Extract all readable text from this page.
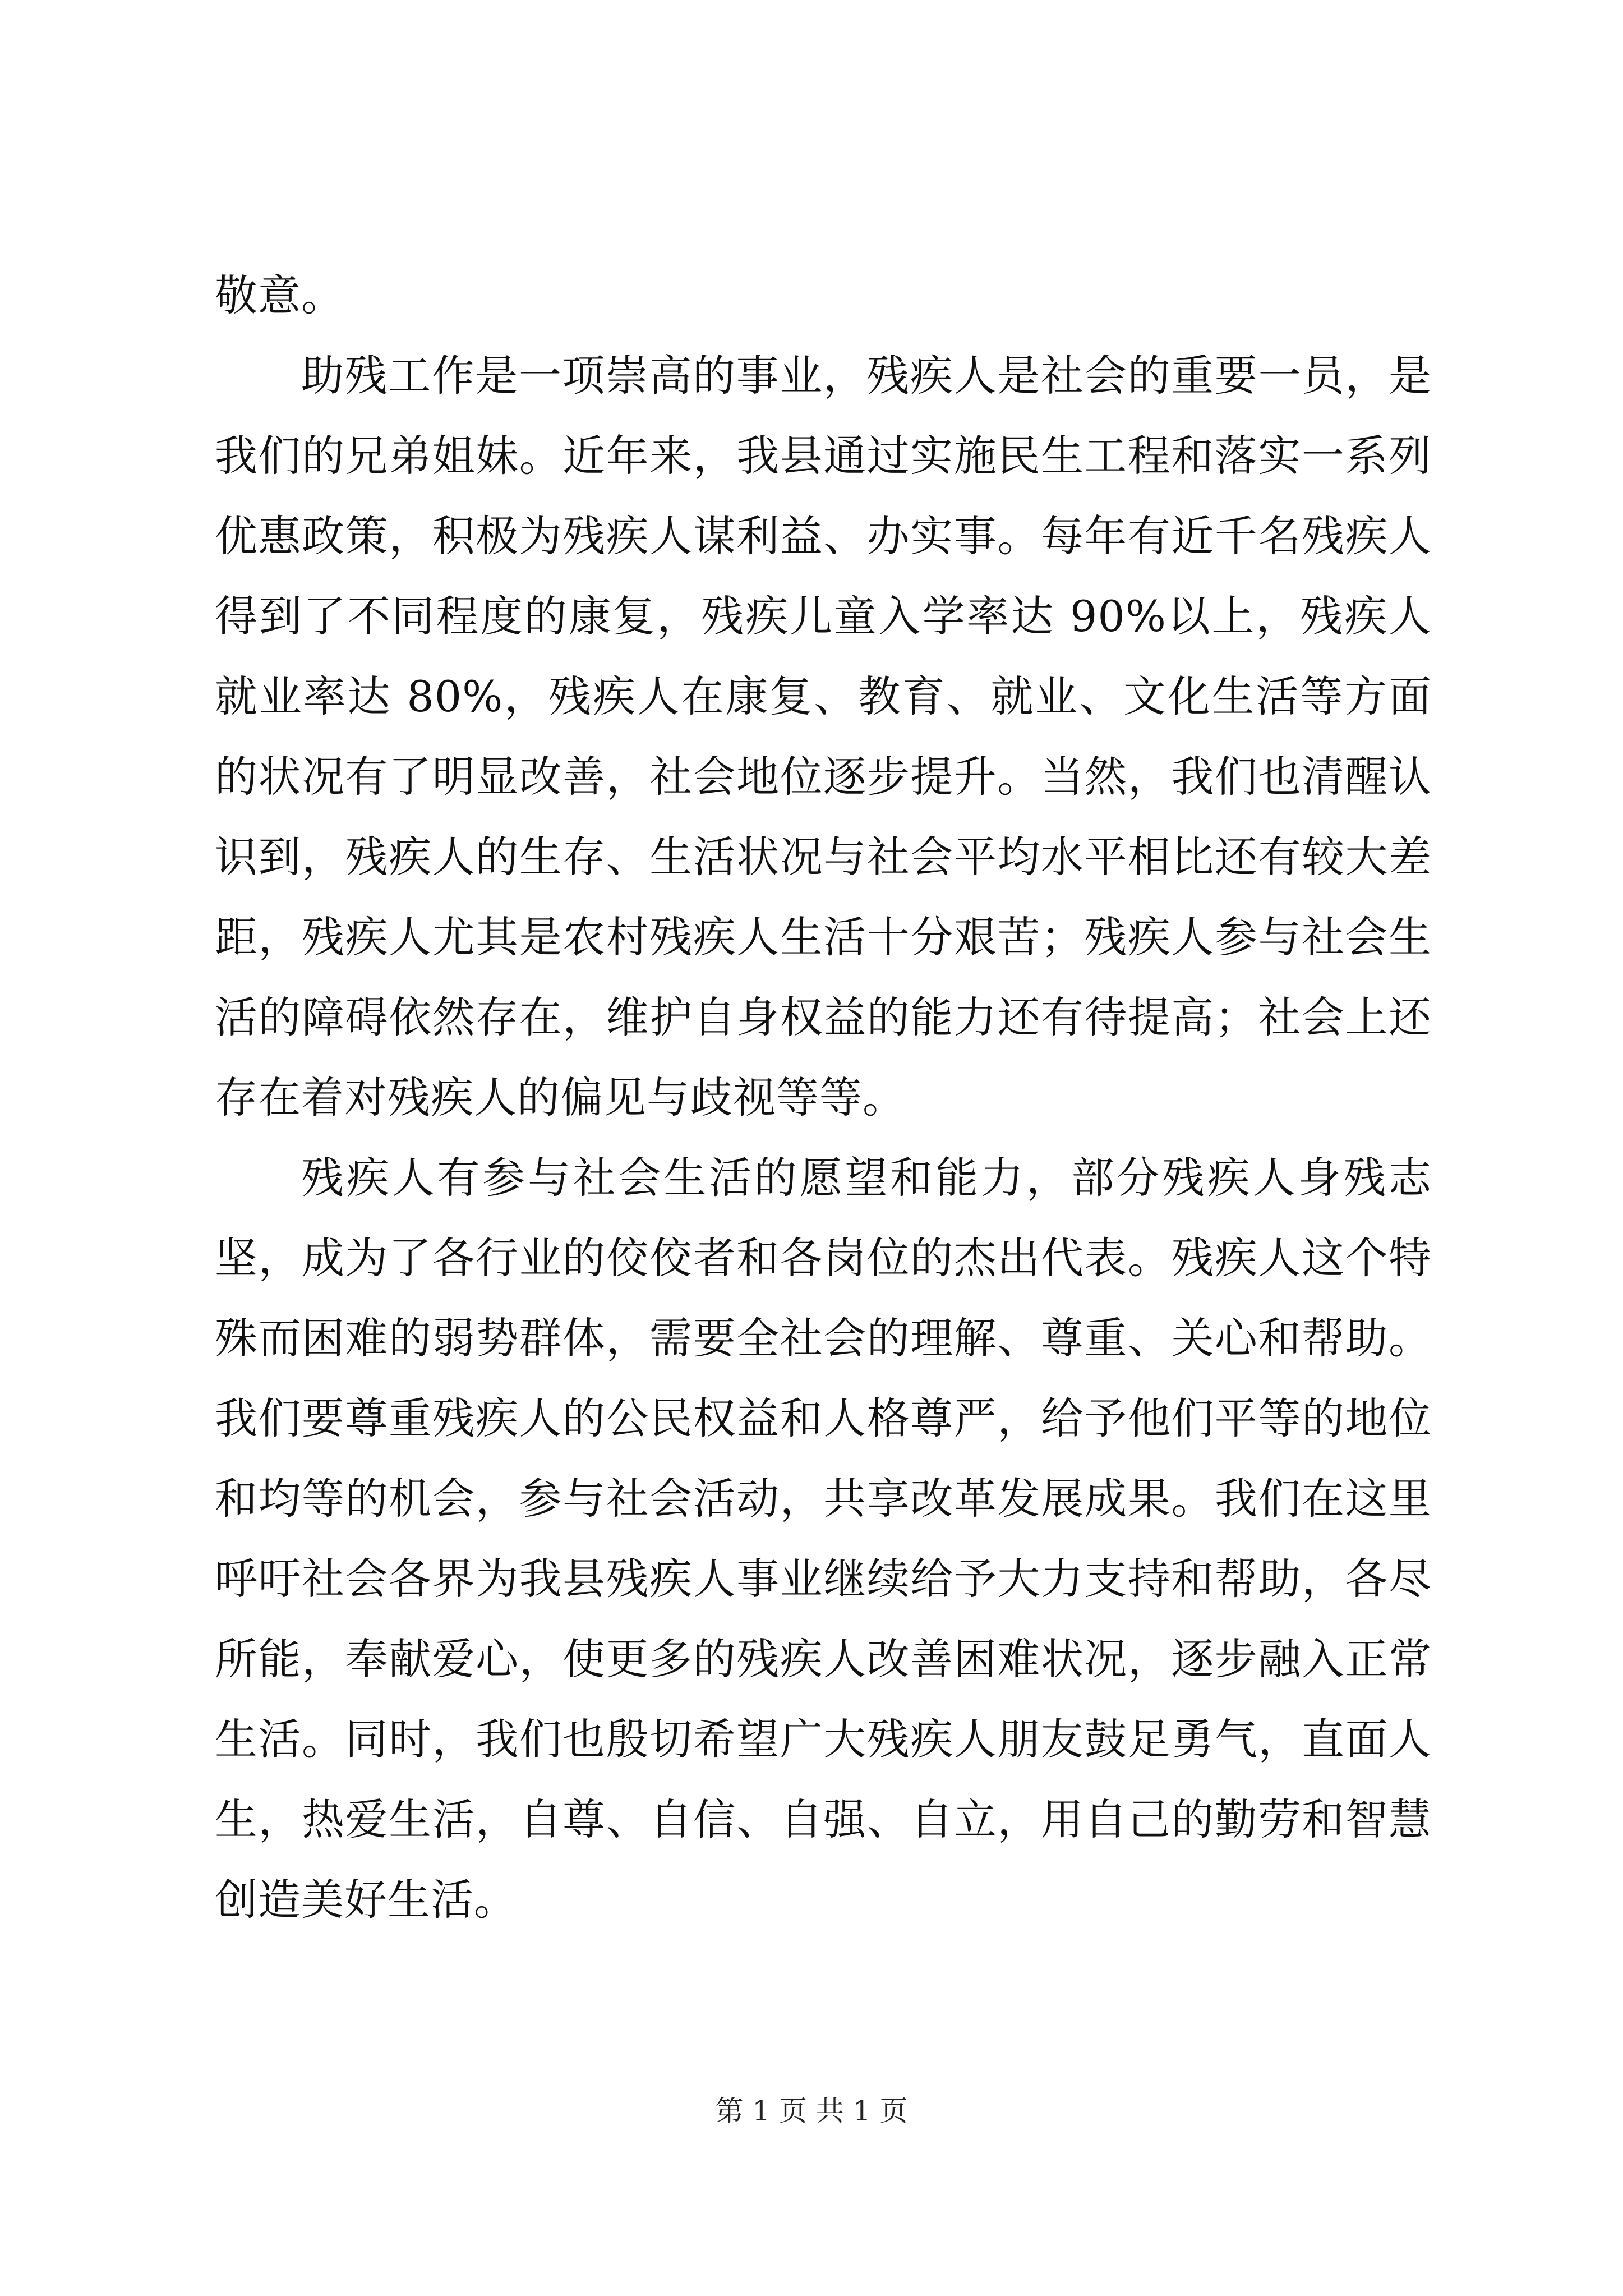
敬意。

助残工作是一项崇高的事业，残疾人是社会的重要一员，是我们的兄弟姐妹。近年来，我县通过实施民生工程和落实一系列优惠政策，积极为残疾人谋利益、办实事。每年有近千名残疾人得到了不同程度的康复，残疾儿童入学率达 90%以上，残疾人就业率达 80%，残疾人在康复、教育、就业、文化生活等方面的状况有了明显改善，社会地位逐步提升。当然，我们也清醒认识到，残疾人的生存、生活状况与社会平均水平相比还有较大差距，残疾人尤其是农村残疾人生活十分艰苦；残疾人参与社会生活的障碍依然存在，维护自身权益的能力还有待提高；社会上还存在着对残疾人的偏见与歧视等等。

残疾人有参与社会生活的愿望和能力，部分残疾人身残志坚，成为了各行业的佼佼者和各岗位的杰出代表。残疾人这个特殊而困难的弱势群体，需要全社会的理解、尊重、关心和帮助。我们要尊重残疾人的公民权益和人格尊严，给予他们平等的地位和均等的机会，参与社会活动，共享改革发展成果。我们在这里呼吁社会各界为我县残疾人事业继续给予大力支持和帮助，各尽所能，奉献爱心，使更多的残疾人改善困难状况，逐步融入正常生活。同时，我们也殷切希望广大残疾人朋友鼓足勇气，直面人生，热爱生活，自尊、自信、自强、自立，用自己的勤劳和智慧创造美好生活。

第 1 页 共 1 页
